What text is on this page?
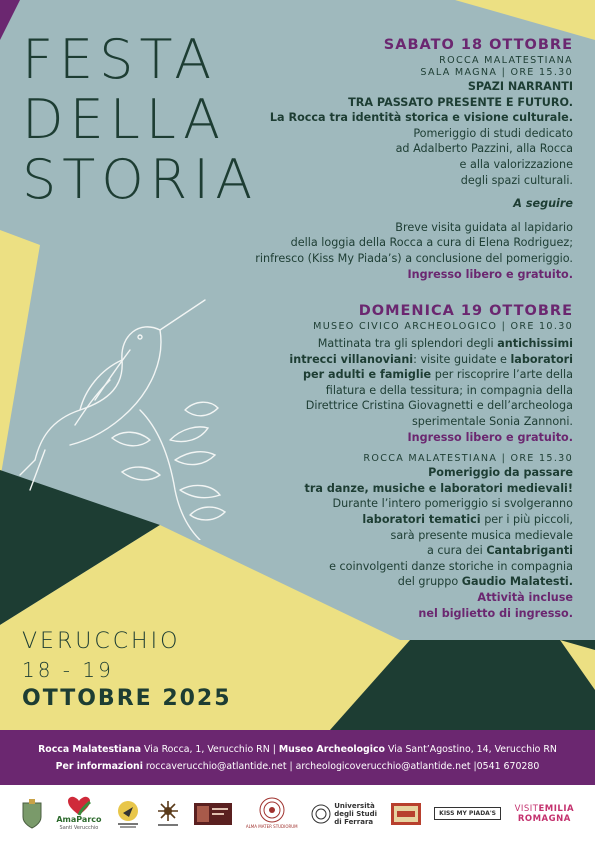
FESTA
DELLA
STORIA
SABATO 18 OTTOBRE
ROCCA MALATESTIANA
SALA MAGNA | ORE 15.30
SPAZI NARRANTI
TRA PASSATO PRESENTE E FUTURO.
La Rocca tra identità storica e visione culturale.
Pomeriggio di studi dedicato
ad Adalberto Pazzini, alla Rocca
e alla valorizzazione
degli spazi culturali.
A seguire
Breve visita guidata al lapidario
della loggia della Rocca a cura di Elena Rodriguez;
rinfresco (Kiss My Piada’s) a conclusione del pomeriggio.
Ingresso libero e gratuito.
DOMENICA 19 OTTOBRE
MUSEO CIVICO ARCHEOLOGICO | ORE 10.30
Mattinata tra gli splendori degli antichissimi
intrecci villanoviani: visite guidate e laboratori
per adulti e famiglie per riscoprire l’arte della
filatura e della tessitura; in compagnia della
Direttrice Cristina Giovagnetti e dell’archeologa
sperimentale Sonia Zannoni.
Ingresso libero e gratuito.
ROCCA MALATESTIANA | ORE 15.30
Pomeriggio da passare
tra danze, musiche e laboratori medievali!
Durante l’intero pomeriggio si svolgeranno
laboratori tematici per i più piccoli,
sarà presente musica medievale
a cura dei Cantabriganti
e coinvolgenti danze storiche in compagnia
del gruppo Gaudio Malatesti.
Attività incluse
nel biglietto di ingresso.
VERUCCHIO
18 - 19
OTTOBRE 2025
Rocca Malatestiana Via Rocca, 1, Verucchio RN | Museo Archeologico Via Sant’Agostino, 14, Verucchio RN
Per informazioni roccaverucchio@atlantide.net | archeologicoverucchio@atlantide.net |0541 670280
AmaParco
Santi Verucchio	ALMA MATER STUDIORUM
Università
degli Studi
di Ferrara
KISS MY PIADA'S	VISITEMILIA
ROMAGNA
